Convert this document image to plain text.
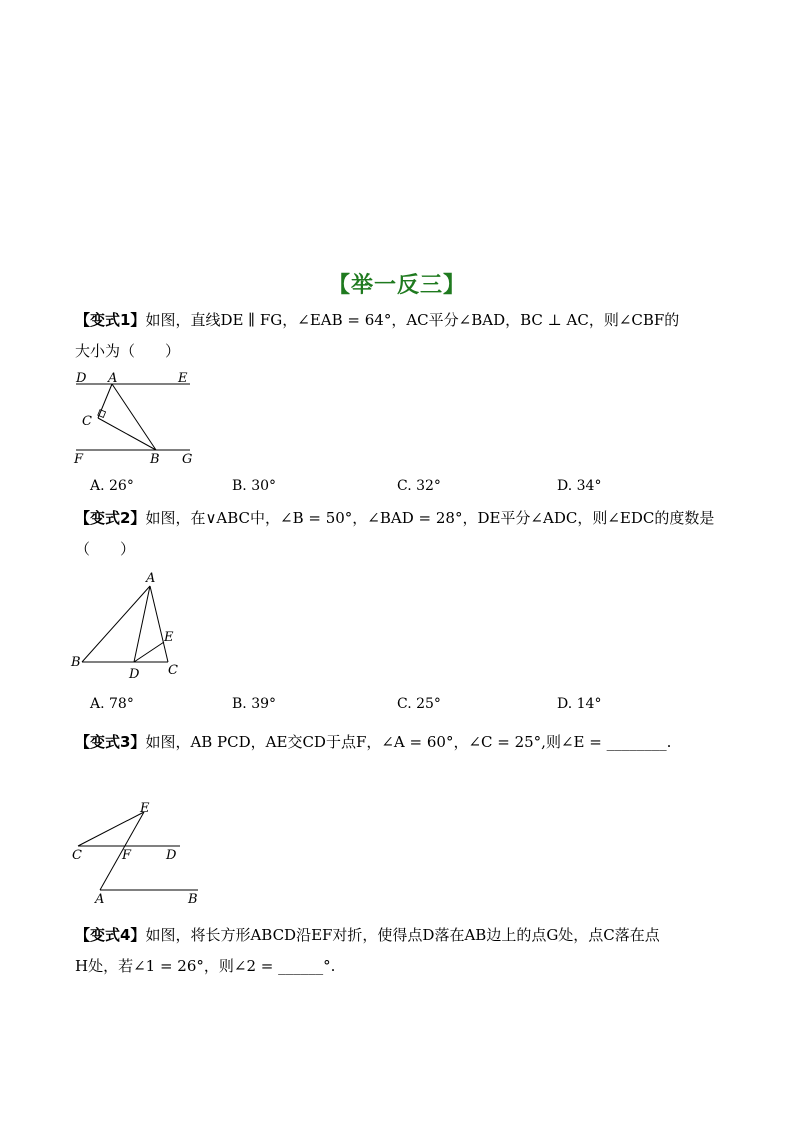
【举一反三】
【变式1】如图，直线DE ∥ FG，∠EAB = 64°，AC平分∠BAD，BC ⊥ AC，则∠CBF的
大小为（　　）
D A	E
C
F	B G
A. 26°	B. 30°	C. 32°	D. 34°
【变式2】如图，在∨ABC中，∠B = 50°，∠BAD = 28°，DE平分∠ADC，则∠EDC的度数是
（　　）
A
E
B
D C
A. 78°	B. 39°	C. 25°	D. 14°
【变式3】如图，AB PCD，AE交CD于点F，∠A = 60°，∠C = 25°,则∠E = ________.
E
C	F	D
A	B
【变式4】如图，将长方形ABCD沿EF对折，使得点D落在AB边上的点G处，点C落在点
H处，若∠1 = 26°，则∠2 = ______°.
